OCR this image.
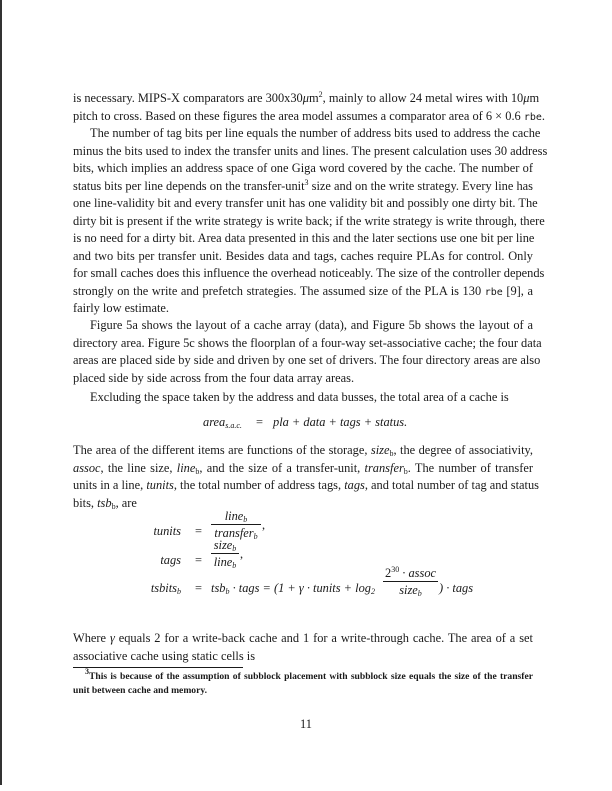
is necessary. MIPS-X comparators are $300x30\mu m^2$, mainly to allow 24 metal wires with 10μm
pitch to cross. Based on these figures the area model assumes a comparator area of 6 × 0.6 rbe.
The number of tag bits per line equals the number of address bits used to address the cache
minus the bits used to index the transfer units and lines. The present calculation uses 30 address
bits, which implies an address space of one Giga word covered by the cache. The number of
status bits per line depends on the transfer-unit$^3$ size and on the write strategy. Every line has
one line-validity bit and every transfer unit has one validity bit and possibly one dirty bit. The
dirty bit is present if the write strategy is write back; if the write strategy is write through, there
is no need for a dirty bit. Area data presented in this and the later sections use one bit per line
and two bits per transfer unit. Besides data and tags, caches require PLAs for control. Only
for small caches does this influence the overhead noticeably. The size of the controller depends
strongly on the write and prefetch strategies. The assumed size of the PLA is 130 rbe [9], a
fairly low estimate.
Figure 5a shows the layout of a cache array (data), and Figure 5b shows the layout of a
directory area. Figure 5c shows the floorplan of a four-way set-associative cache; the four data
areas are placed side by side and driven by one set of drivers. The four directory areas are also
placed side by side across from the four data array areas.
Excluding the space taken by the address and data busses, the total area of a cache is
The area of the different items are functions of the storage, size$_b$, the degree of associativity,
assoc, the line size, line$_b$, and the size of a transfer-unit, transfer$_b$. The number of transfer
units in a line, tunits, the total number of address tags, tags, and total number of tag and status
bits, tsb$_b$, are
Where γ equals 2 for a write-back cache and 1 for a write-through cache. The area of a set
associative cache using static cells is
area$_{s.a.c.}$ = pla + data + tags + status.
tunits =
line$_b$
transfer$_b$
,
tags =
size$_b$
line$_b$
,
tsbits$_b$ = tsb$_b$ · tags = (1 + γ · tunits + $\log_2$
$2^{30}$ · assoc
size$_b$	) · tags
$^3$This is because of the assumption of subblock placement with subblock size equals the size of the transfer
unit between cache and memory.
11
